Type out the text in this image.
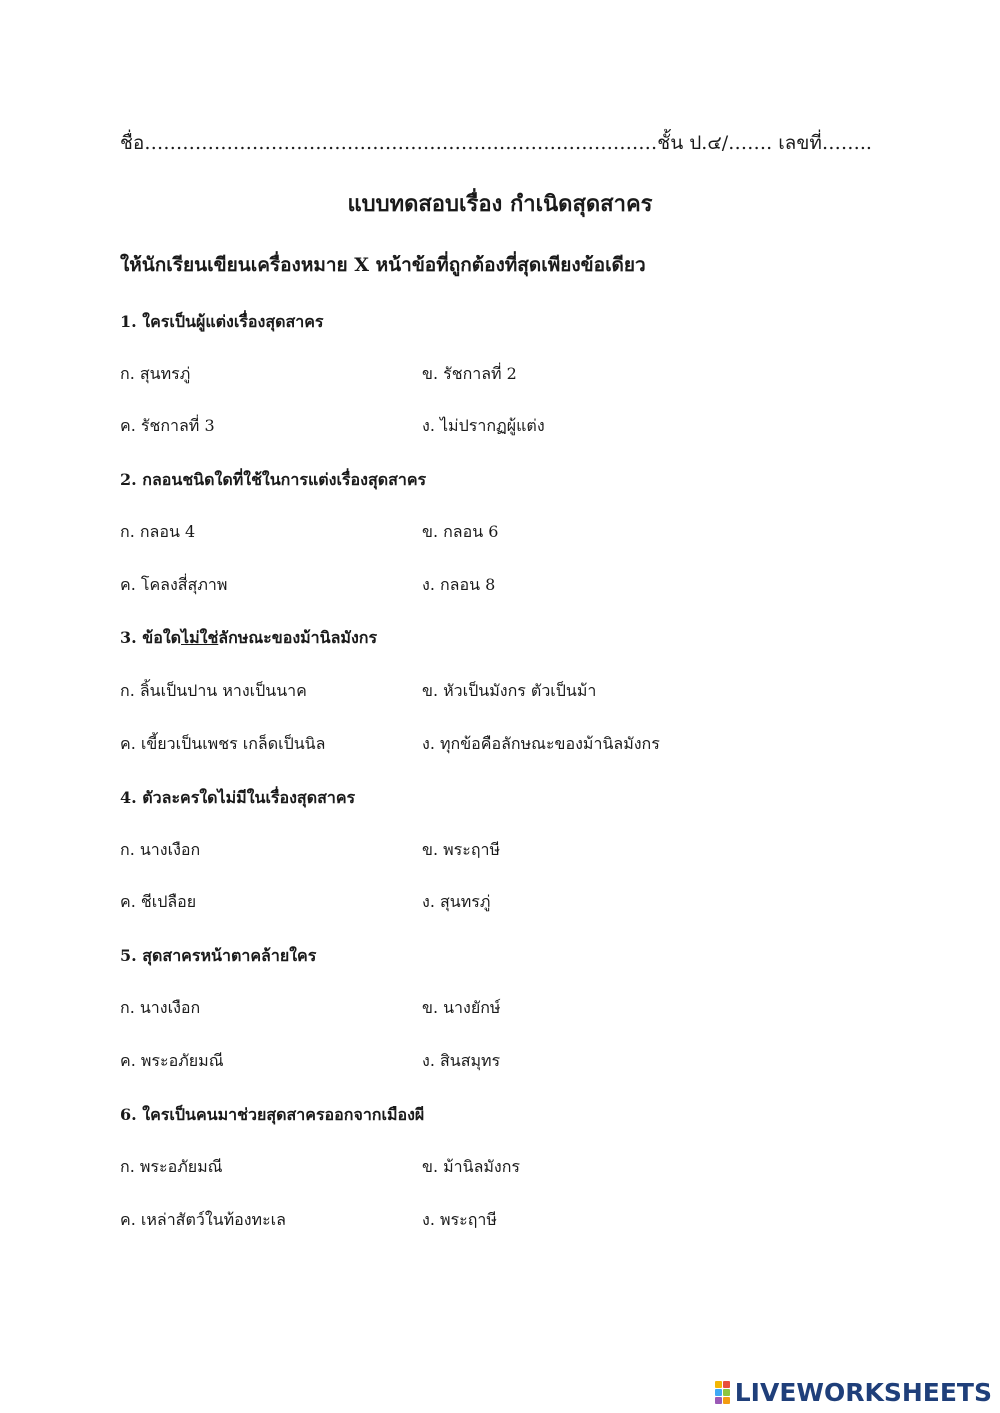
ชื่อ………………………………………………………………………ชั้น ป.๔/……. เลขที่……..
แบบทดสอบเรื่อง กำเนิดสุดสาคร
ให้นักเรียนเขียนเครื่องหมาย X หน้าข้อที่ถูกต้องที่สุดเพียงข้อเดียว
1. ใครเป็นผู้แต่งเรื่องสุดสาคร
ก. สุนทรภู่	ข. รัชกาลที่ 2
ค. รัชกาลที่ 3	ง. ไม่ปรากฏผู้แต่ง
2. กลอนชนิดใดที่ใช้ในการแต่งเรื่องสุดสาคร
ก. กลอน 4	ข. กลอน 6
ค. โคลงสี่สุภาพ	ง. กลอน 8
3. ข้อใดไม่ใช่ลักษณะของม้านิลมังกร
ก. ลิ้นเป็นปาน หางเป็นนาค	ข. หัวเป็นมังกร ตัวเป็นม้า
ค. เขี้ยวเป็นเพชร เกล็ดเป็นนิล	ง. ทุกข้อคือลักษณะของม้านิลมังกร
4. ตัวละครใดไม่มีในเรื่องสุดสาคร
ก. นางเงือก	ข. พระฤาษี
ค. ชีเปลือย	ง. สุนทรภู่
5. สุดสาครหน้าตาคล้ายใคร
ก. นางเงือก	ข. นางยักษ์
ค. พระอภัยมณี	ง. สินสมุทร
6. ใครเป็นคนมาช่วยสุดสาครออกจากเมืองผี
ก. พระอภัยมณี	ข. ม้านิลมังกร
ค. เหล่าสัตว์ในท้องทะเล	ง. พระฤาษี
LIVEWORKSHEETS
